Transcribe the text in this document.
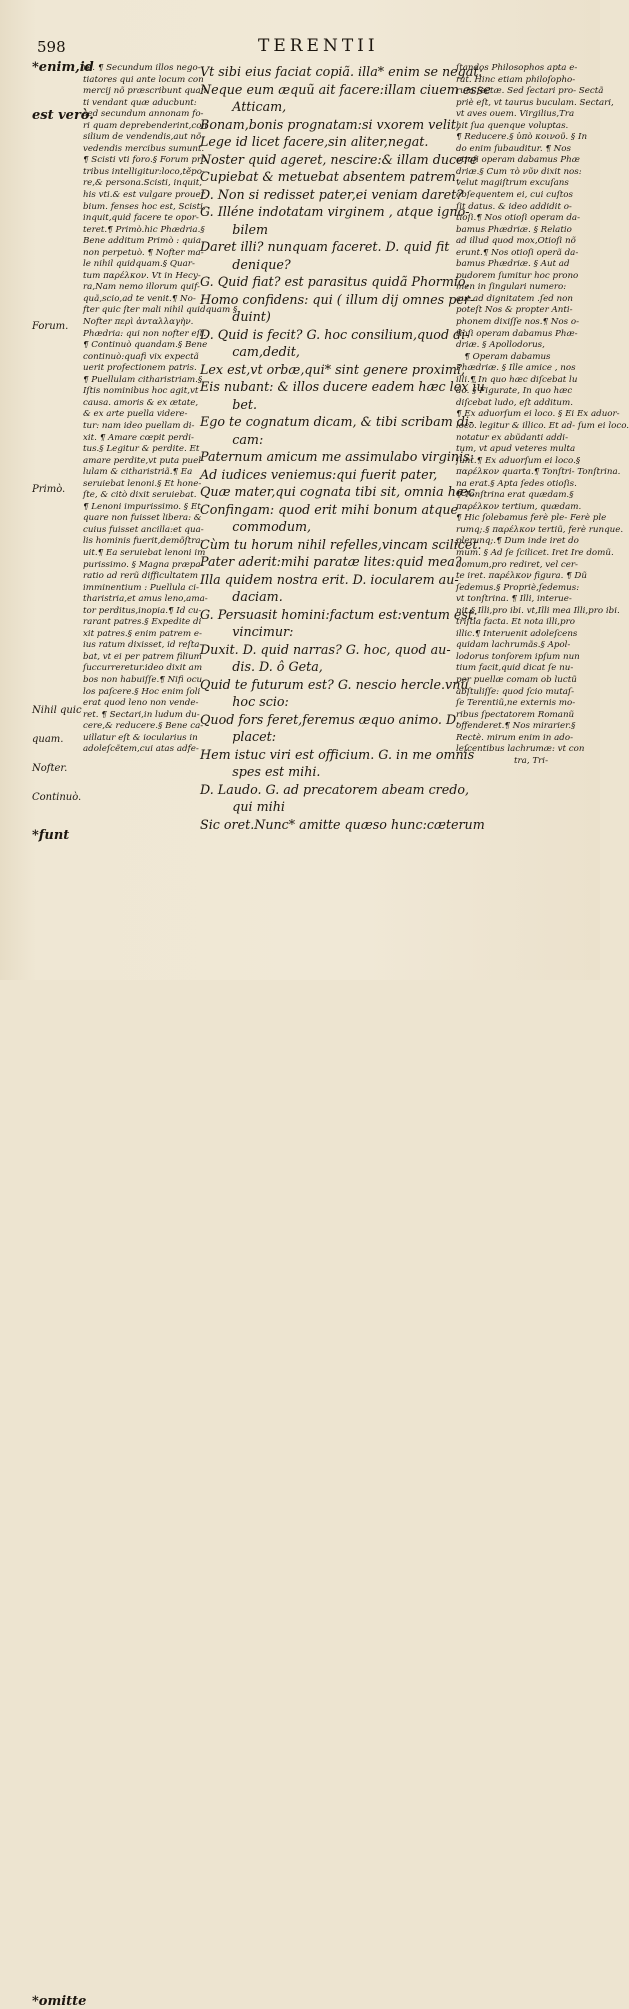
598	TERENTII
*enim,id
est verò.
Forum.
Primò.
Nihil quic
quam.
Nofter.
Continuò.
*funt
*omitte
re. ¶ Secundum illos nego-
tiatores qui ante locum con
mercij nõ præscribunt quan
ti vendant quæ aducbunt:
sed secundum annonam fo-
ri quam deprebenderint,con
silium de vendendis,aut nõ
vedendis mercibus sumunt.
¶ Scisti vti foro.§ Forum pro
tribus intelligitur:loco,těpo-
re,& persona.Scisti, inquit,
his vti.& est vulgare prouer
bium. fenses hoc est, Scisti,
inquit,quid facere te opor-
teret.¶ Primò.hic Phædria.§
Bene additum Primò : quia
non perpetuò. ¶ Nofter ma-
le nihil quidquam.§ Quar-
tum παρέλκον. Vt in Hecy-
ra,Nam nemo illorum quif-
quã,scio,ad te venit.¶ No-
fter quic ſter mali nihil quidquam §
Nofter περὶ ἀνταλλαγὴν.
Phædria: qui non nofter eſt.
¶ Continuò quandam.§ Bene
continuò:quafi vix expectã
uerit profectionem patris.
¶ Puellulam citharistriam.§
Iſtis nominibus hoc agit,vt
causa. amoris & ex ætate,
& ex arte puella videre-
tur: nam ideo puellam di-
xit. ¶ Amare cœpit perdi-
tus.§ Legitur & perdite. Et
amare perdite,vt puta puel
lulam & citharistriã.¶ Ea
seruiebat lenoni.§ Et hone-
ſte, & citò dixit seruiebat.
¶ Lenoni impurissimo. § Et
quare non fuisset libera: &
cuius fuisset ancilla:et qua-
lis hominis fuerit,demõſtra-
uit.¶ Ea seruiebat lenoni im
purissimo. § Magna præpa-
ratio ad rerũ difficultatem
imminentium : Puellula ci-
tharistria,et amus leno,ama-
tor perditus,inopia.¶ Id cu-
rarant patres.§ Expedite di
xit patres.§ enim patrem e-
ius ratum dixisset, id reſta-
bat, vt ei per patrem filium
ſuccurreretur.ideo dixit am
bos non habuiſſe.¶ Nifi ocu
los paſcere.§ Hoc enim ſoli
erat quod leno non vende-
ret. ¶ Sectari,in ludum du-
cere,& reducere.§ Bene ca-
uillatur eſt & iocularius in
adoleſcẽtem,cui atas adfe-
Vt sibi eius faciat copiã. illa* enim se negat:
Neque eum æquũ ait facere:illam ciuem esse
Atticam,
Bonam,bonis prognatam:si vxorem velit,
Lege id licet facere,sin aliter,negat.
Noster quid ageret, nescire:& illam ducere
Cupiebat & metuebat absentem patrem.
D. Non si redisset pater,ei veniam daret?
G. Illéne indotatam virginem , atque igno-
bilem
Daret illi? nunquam faceret. D. quid fit
denique?
G. Quid fiat? est parasitus quidã Phormio,
Homo confidens: qui ( illum dij omnes per-
duint)
D. Quid is fecit? G. hoc consilium,quod di-
cam,dedit,
Lex est,vt orbæ,qui* sint genere proximi,
Eis nubant: & illos ducere eadem hæc lex iu
bet.
Ego te cognatum dicam, & tibi scribam di-
cam:
Paternum amicum me assimulabo virginis:
Ad iudices veniemus:qui fuerit pater,
Quæ mater,qui cognata tibi sit, omnia hæc
Confingam: quod erit mihi bonum atque
commodum,
Cùm tu horum nihil refelles,vincam scilicet.
Pater aderit:mihi paratæ lites:quid mea?
Illa quidem nostra erit. D. iocularem au-
daciam.
G. Persuasit homini:factum est:ventum est:
vincimur:
Duxit. D. quid narras? G. hoc, quod au-
dis. D. ô Geta,
Quid te futurum est? G. nescio hercle.vnũ
hoc scio:
Quod fors feret,feremus æquo animo. D.
placet:
Hem istuc viri est officium. G. in me omnis
spes est mihi.
D. Laudo. G. ad precatorem abeam credo,
qui mihi
Sic oret.Nunc* amitte quæso hunc:cæterum
ſtandos Philosophos apta e-
rat. Hinc etiam philoſopho-
rum ſectæ. Sed ſectari pro- Sectã
priè eſt, vt taurus buculam. Sectari,
vt aves ouem. Virgilius,Tra
hit ſua quenque voluptas.
¶ Reducere.§ ὑπὸ κοινοῦ. § In
do enim ſubauditur. ¶ Nos
otioſi operam dabamus Phæ
driæ.§ Cum τὸ νῦν dixit nos:
velut magiſtrum excuſans
obſequentem ei, cui cuſtos
ſit datus. & ideo addidit o-
tioſi.¶ Nos otioſi operam da-
bamus Phædriæ. § Relatio
ad illud quod mox,Otioſi nõ
erunt.¶ Nos otioſi operã da-
bamus Phædriæ. § Aut ad
pudorem ſumitur hoc prono
men in ſingulari numero:
aut ad dignitatem .ſed non
poteſt Nos & propter Anti-
phonem dixiſſe nos.¶ Nos o-
tioſi operam dabamus Phæ-
driæ. § Apollodorus,
¶ Operam dabamus
Phædriæ. § Ille amice , nos
illi.¶ In quo hæc diſcebat lu
do. § Figurate, In quo hæc
diſcebat ludo, eſt additum.
¶ Ex aduorſum ei loco. § Ei Ex aduor-
loco. legitur & illico. Et ad- ſum ei loco.
notatur ex abũdanti addi-
tum, vt apud veteres multa
ſunt.¶ Ex aduorſum ei loco.§
παρέλκον quarta.¶ Tonſtri- Tonſtrina.
na erat.§ Apta ſedes otioſis.
¶ Tonſtrina erat quædam.§
παρέλκον tertium, quædam.
¶ Hic ſolebamus ferè ple- Ferè ple
rumq;.§ παρέλκον tertiũ, ferè runque.
plerunq;.¶ Dum inde iret do
mum. § Ad ſe ſcilicet. Iret Ire domũ.
domum,pro rediret, vel cer-
te iret. παρέλκον figura. ¶ Dũ
ſedemus.§ Propriè,ſedemus:
vt tonſtrina. ¶ Illi, interue-
nit.§ Illi,pro ibi. vt,Illi mea Illi,pro ibi.
triſtia facta. Et nota illi,pro
illic.¶ Interuenit adoleſcens
quidam lachrumãs.§ Apol-
lodorus tonſorem ipſum nun
tium facit,quid dicat ſe nu-
per puellæ comam ob luctũ
abſtuliſſe: quod ſcio mutaſ-
ſe Terentiũ,ne externis mo-
ribus ſpectatorem Romanũ
offenderet.¶ Nos mirarier.§
Rectè. mirum enim in ado-
leſcentibus lachrumæ: vt con
tra, Tri-
